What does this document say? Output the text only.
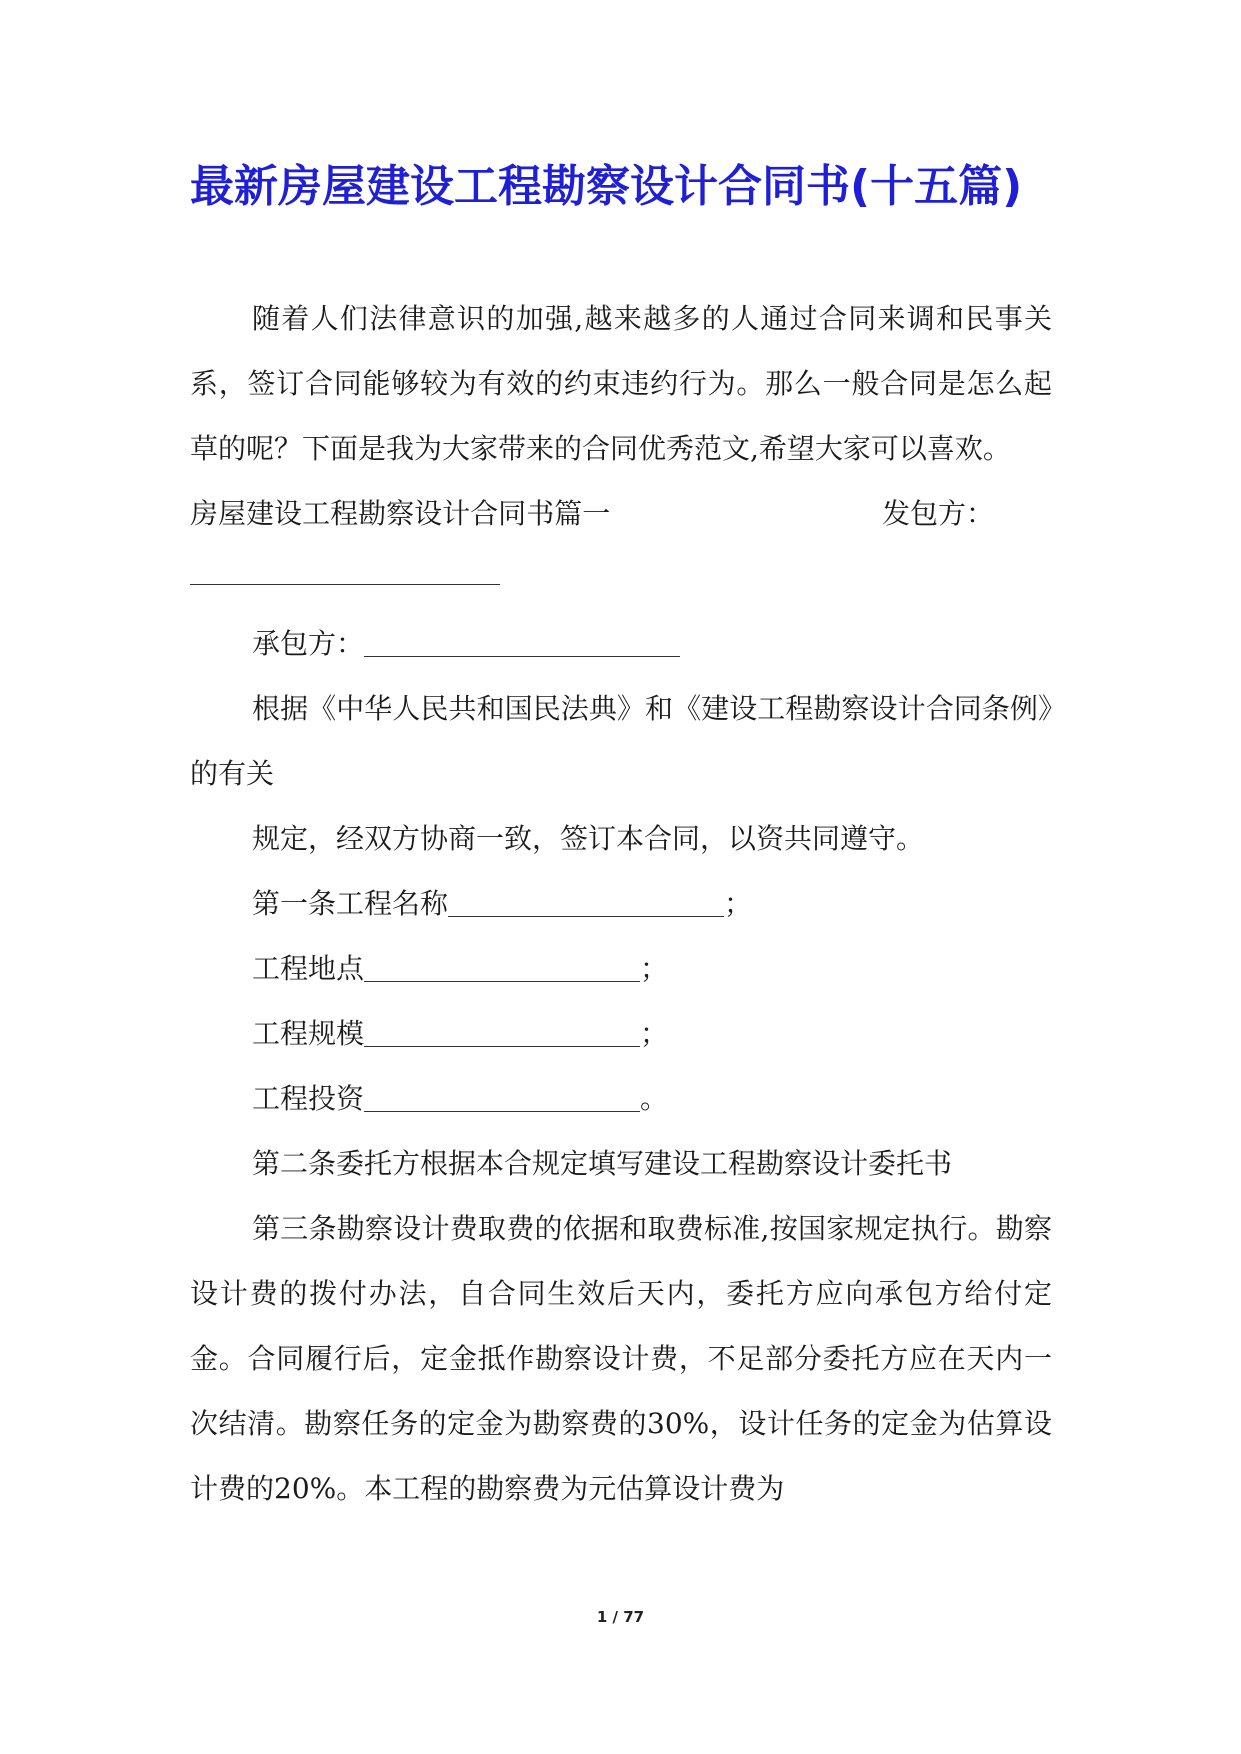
最新房屋建设工程勘察设计合同书(十五篇)

随着人们法律意识的加强,越来越多的人通过合同来调和民事关系，签订合同能够较为有效的约束违约行为。那么一般合同是怎么起草的呢？下面是我为大家带来的合同优秀范文,希望大家可以喜欢。

房屋建设工程勘察设计合同书篇一	发包方：

承包方：

根据《中华人民共和国民法典》和《建设工程勘察设计合同条例》的有关

规定，经双方协商一致，签订本合同，以资共同遵守。

第一条工程名称	；

工程地点	；

工程规模	；

工程投资	。

第二条委托方根据本合规定填写建设工程勘察设计委托书

第三条勘察设计费取费的依据和取费标准,按国家规定执行。勘察设计费的拨付办法，自合同生效后天内，委托方应向承包方给付定金。合同履行后，定金抵作勘察设计费，不足部分委托方应在天内一次结清。勘察任务的定金为勘察费的30%，设计任务的定金为估算设计费的20%。本工程的勘察费为元估算设计费为

1 / 77
